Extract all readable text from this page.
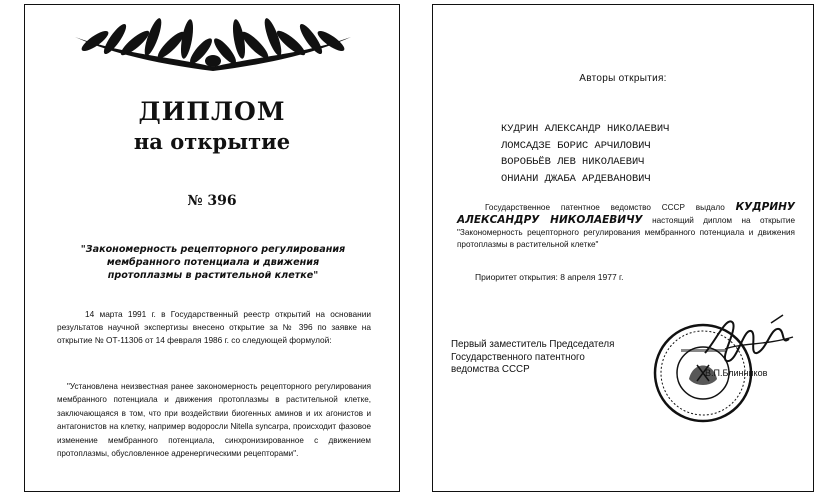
ДИПЛОМ
на открытие
№ 396
"Закономерность рецепторного регулирования мембранного потенциала и движения протоплазмы в растительной клетке"

14 марта 1991 г. в Государственный реестр открытий на основании результатов научной экспертизы внесено открытие за № 396 по заявке на открытие № ОТ-11306 от 14 февраля 1986 г. со следующей формулой:

"Установлена неизвестная ранее закономерность рецепторного регулирования мембранного потенциала и движения протоплазмы в растительной клетке, заключающаяся в том, что при воздействии биогенных аминов и их агонистов и антагонистов на клетку, например водоросли Nitella syncarpa, происходит фазовое изменение мембранного потенциала, синхронизированное с движением протоплазмы, обусловленное адренергическими рецепторами".

Авторы открытия:
КУДРИН АЛЕКСАНДР НИКОЛАЕВИЧ
ЛОМСАДЗЕ БОРИС АРЧИЛОВИЧ
ВОРОБЬЁВ ЛЕВ НИКОЛАЕВИЧ
ОНИАНИ ДЖАБА АРДЕВАНОВИЧ

Государственное патентное ведомство СССР выдало КУДРИНУ АЛЕКСАНДРУ НИКОЛАЕВИЧУ настоящий диплом на открытие "Закономерность рецепторного регулирования мембранного потенциала и движения протоплазмы в растительной клетке"

Приоритет открытия: 8 апреля 1977 г.
Первый заместитель Председателя
Государственного патентного
ведомства СССР	В.П.Блинников
